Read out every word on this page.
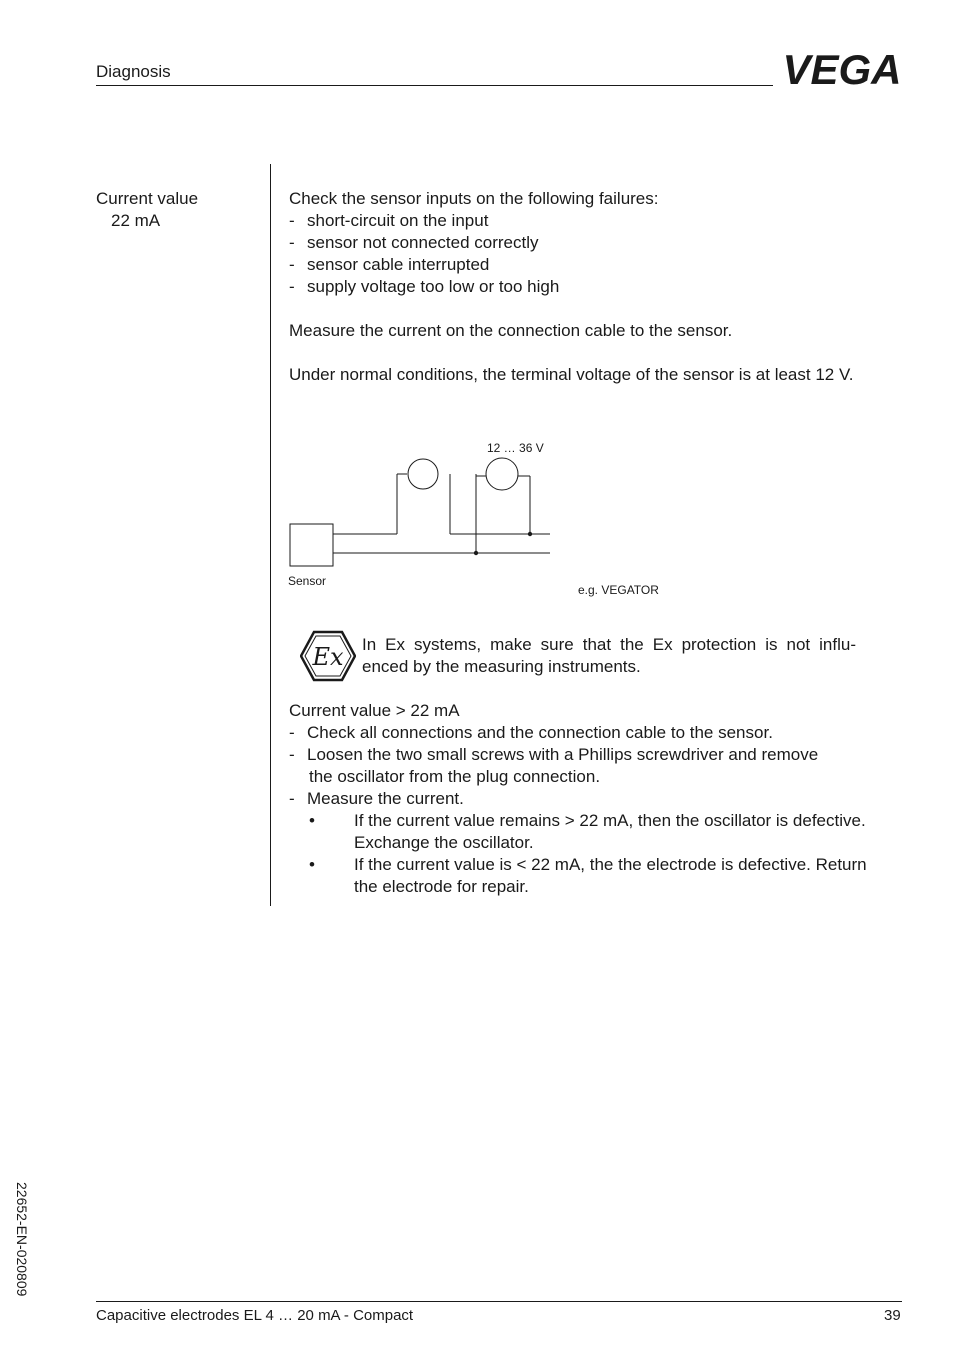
Diagnosis	VEGA
Current value
22 mA
Check the sensor inputs on the following failures:
- short-circuit on the input
- sensor not connected correctly
- sensor cable interrupted
- supply voltage too low or too high
Measure the current on the connection cable to the sensor.
Under normal conditions, the terminal voltage of the sensor is at least 12 V.
12 … 36 V
Sensor
e.g. VEGATOR
Ex In Ex systems, make sure that the Ex protection is not influ- enced by the measuring instruments.
Current value > 22 mA
- Check all connections and the connection cable to the sensor.
- Loosen the two small screws with a Phillips screwdriver and remove
the oscillator from the plug connection.
- Measure the current.
• If the current value remains > 22 mA, then the oscillator is defective. Exchange the oscillator.
• If the current value is < 22 mA, the the electrode is defective. Return the electrode for repair.
22652-EN-020809
Capacitive electrodes EL 4 … 20 mA - Compact	39
